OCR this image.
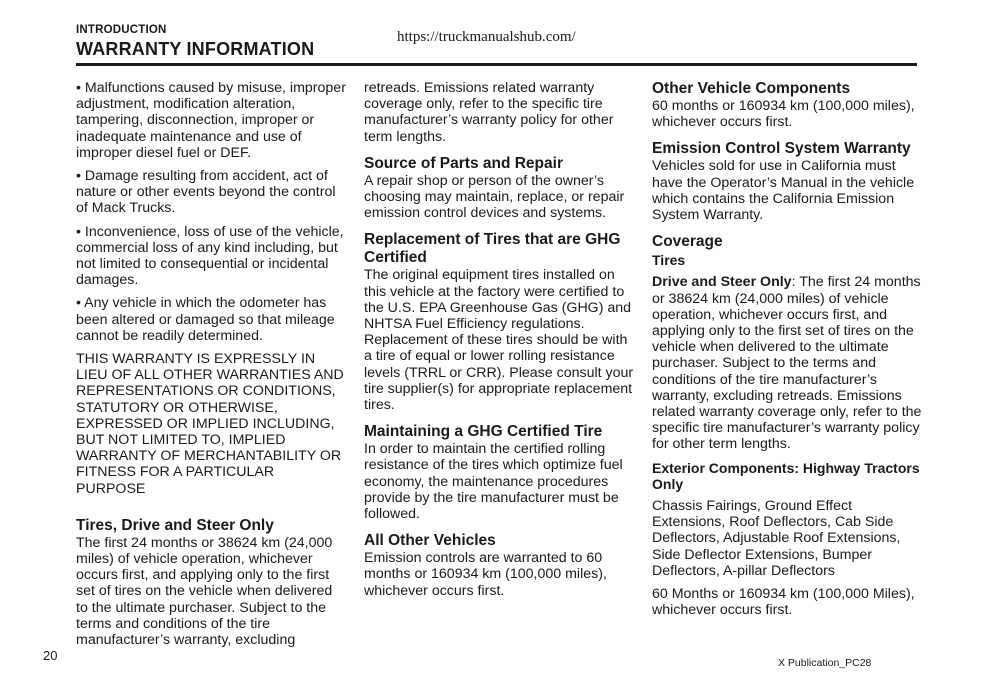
INTRODUCTION
WARRANTY INFORMATION
https://truckmanualshub.com/

• Malfunctions caused by misuse, improper adjustment, modification alteration, tampering, disconnection, improper or inadequate maintenance and use of improper diesel fuel or DEF.

• Damage resulting from accident, act of nature or other events beyond the control of Mack Trucks.

• Inconvenience, loss of use of the vehicle, commercial loss of any kind including, but not limited to consequential or incidental damages.

• Any vehicle in which the odometer has been altered or damaged so that mileage cannot be readily determined.

THIS WARRANTY IS EXPRESSLY IN LIEU OF ALL OTHER WARRANTIES AND REPRESENTATIONS OR CONDITIONS, STATUTORY OR OTHERWISE, EXPRESSED OR IMPLIED INCLUDING, BUT NOT LIMITED TO, IMPLIED WARRANTY OF MERCHANTABILITY OR FITNESS FOR A PARTICULAR PURPOSE

Tires, Drive and Steer Only

The first 24 months or 38624 km (24,000 miles) of vehicle operation, whichever occurs first, and applying only to the first set of tires on the vehicle when delivered to the ultimate purchaser. Subject to the terms and conditions of the tire manufacturer’s warranty, excluding

retreads. Emissions related warranty coverage only, refer to the specific tire manufacturer’s warranty policy for other term lengths.

Source of Parts and Repair

A repair shop or person of the owner’s choosing may maintain, replace, or repair emission control devices and systems.

Replacement of Tires that are GHG Certified

The original equipment tires installed on this vehicle at the factory were certified to the U.S. EPA Greenhouse Gas (GHG) and NHTSA Fuel Efficiency regulations. Replacement of these tires should be with a tire of equal or lower rolling resistance levels (TRRL or CRR). Please consult your tire supplier(s) for appropriate replacement tires.

Maintaining a GHG Certified Tire

In order to maintain the certified rolling resistance of the tires which optimize fuel economy, the maintenance procedures provide by the tire manufacturer must be followed.

All Other Vehicles

Emission controls are warranted to 60 months or 160934 km (100,000 miles), whichever occurs first.

Other Vehicle Components

60 months or 160934 km (100,000 miles), whichever occurs first.

Emission Control System Warranty

Vehicles sold for use in California must have the Operator’s Manual in the vehicle which contains the California Emission System Warranty.

Coverage

Tires

Drive and Steer Only: The first 24 months or 38624 km (24,000 miles) of vehicle operation, whichever occurs first, and applying only to the first set of tires on the vehicle when delivered to the ultimate purchaser. Subject to the terms and conditions of the tire manufacturer’s warranty, excluding retreads. Emissions related warranty coverage only, refer to the specific tire manufacturer’s warranty policy for other term lengths.

Exterior Components: Highway Tractors Only

Chassis Fairings, Ground Effect Extensions, Roof Deflectors, Cab Side Deflectors, Adjustable Roof Extensions, Side Deflector Extensions, Bumper Deflectors, A-pillar Deflectors

60 Months or 160934 km (100,000 Miles), whichever occurs first.

20	X Publication_PC28
